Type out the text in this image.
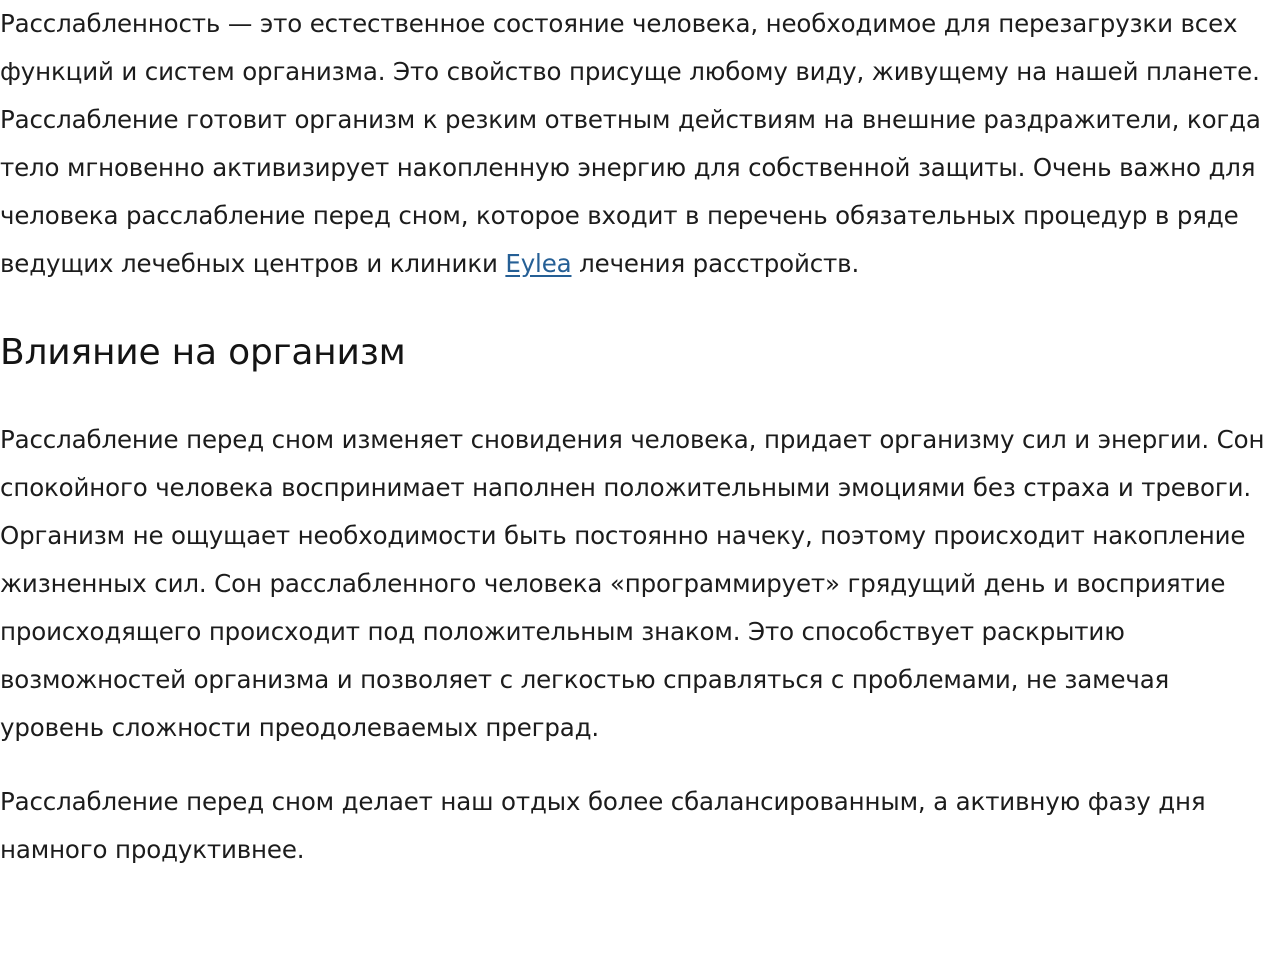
Расслабленность — это естественное состояние человека, необходимое для перезагрузки всех функций и систем организма. Это свойство присуще любому виду, живущему на нашей планете. Расслабление готовит организм к резким ответным действиям на внешние раздражители, когда тело мгновенно активизирует накопленную энергию для собственной защиты. Очень важно для человека расслабление перед сном, которое входит в перечень обязательных процедур в ряде ведущих лечебных центров и клиники Eylea лечения расстройств.

Влияние на организм

Расслабление перед сном изменяет сновидения человека, придает организму сил и энергии. Сон спокойного человека воспринимает наполнен положительными эмоциями без страха и тревоги. Организм не ощущает необходимости быть постоянно начеку, поэтому происходит накопление жизненных сил. Сон расслабленного человека «программирует» грядущий день и восприятие происходящего происходит под положительным знаком. Это способствует раскрытию возможностей организма и позволяет с легкостью справляться с проблемами, не замечая уровень сложности преодолеваемых преград.

Расслабление перед сном делает наш отдых более сбалансированным, а активную фазу дня намного продуктивнее.
